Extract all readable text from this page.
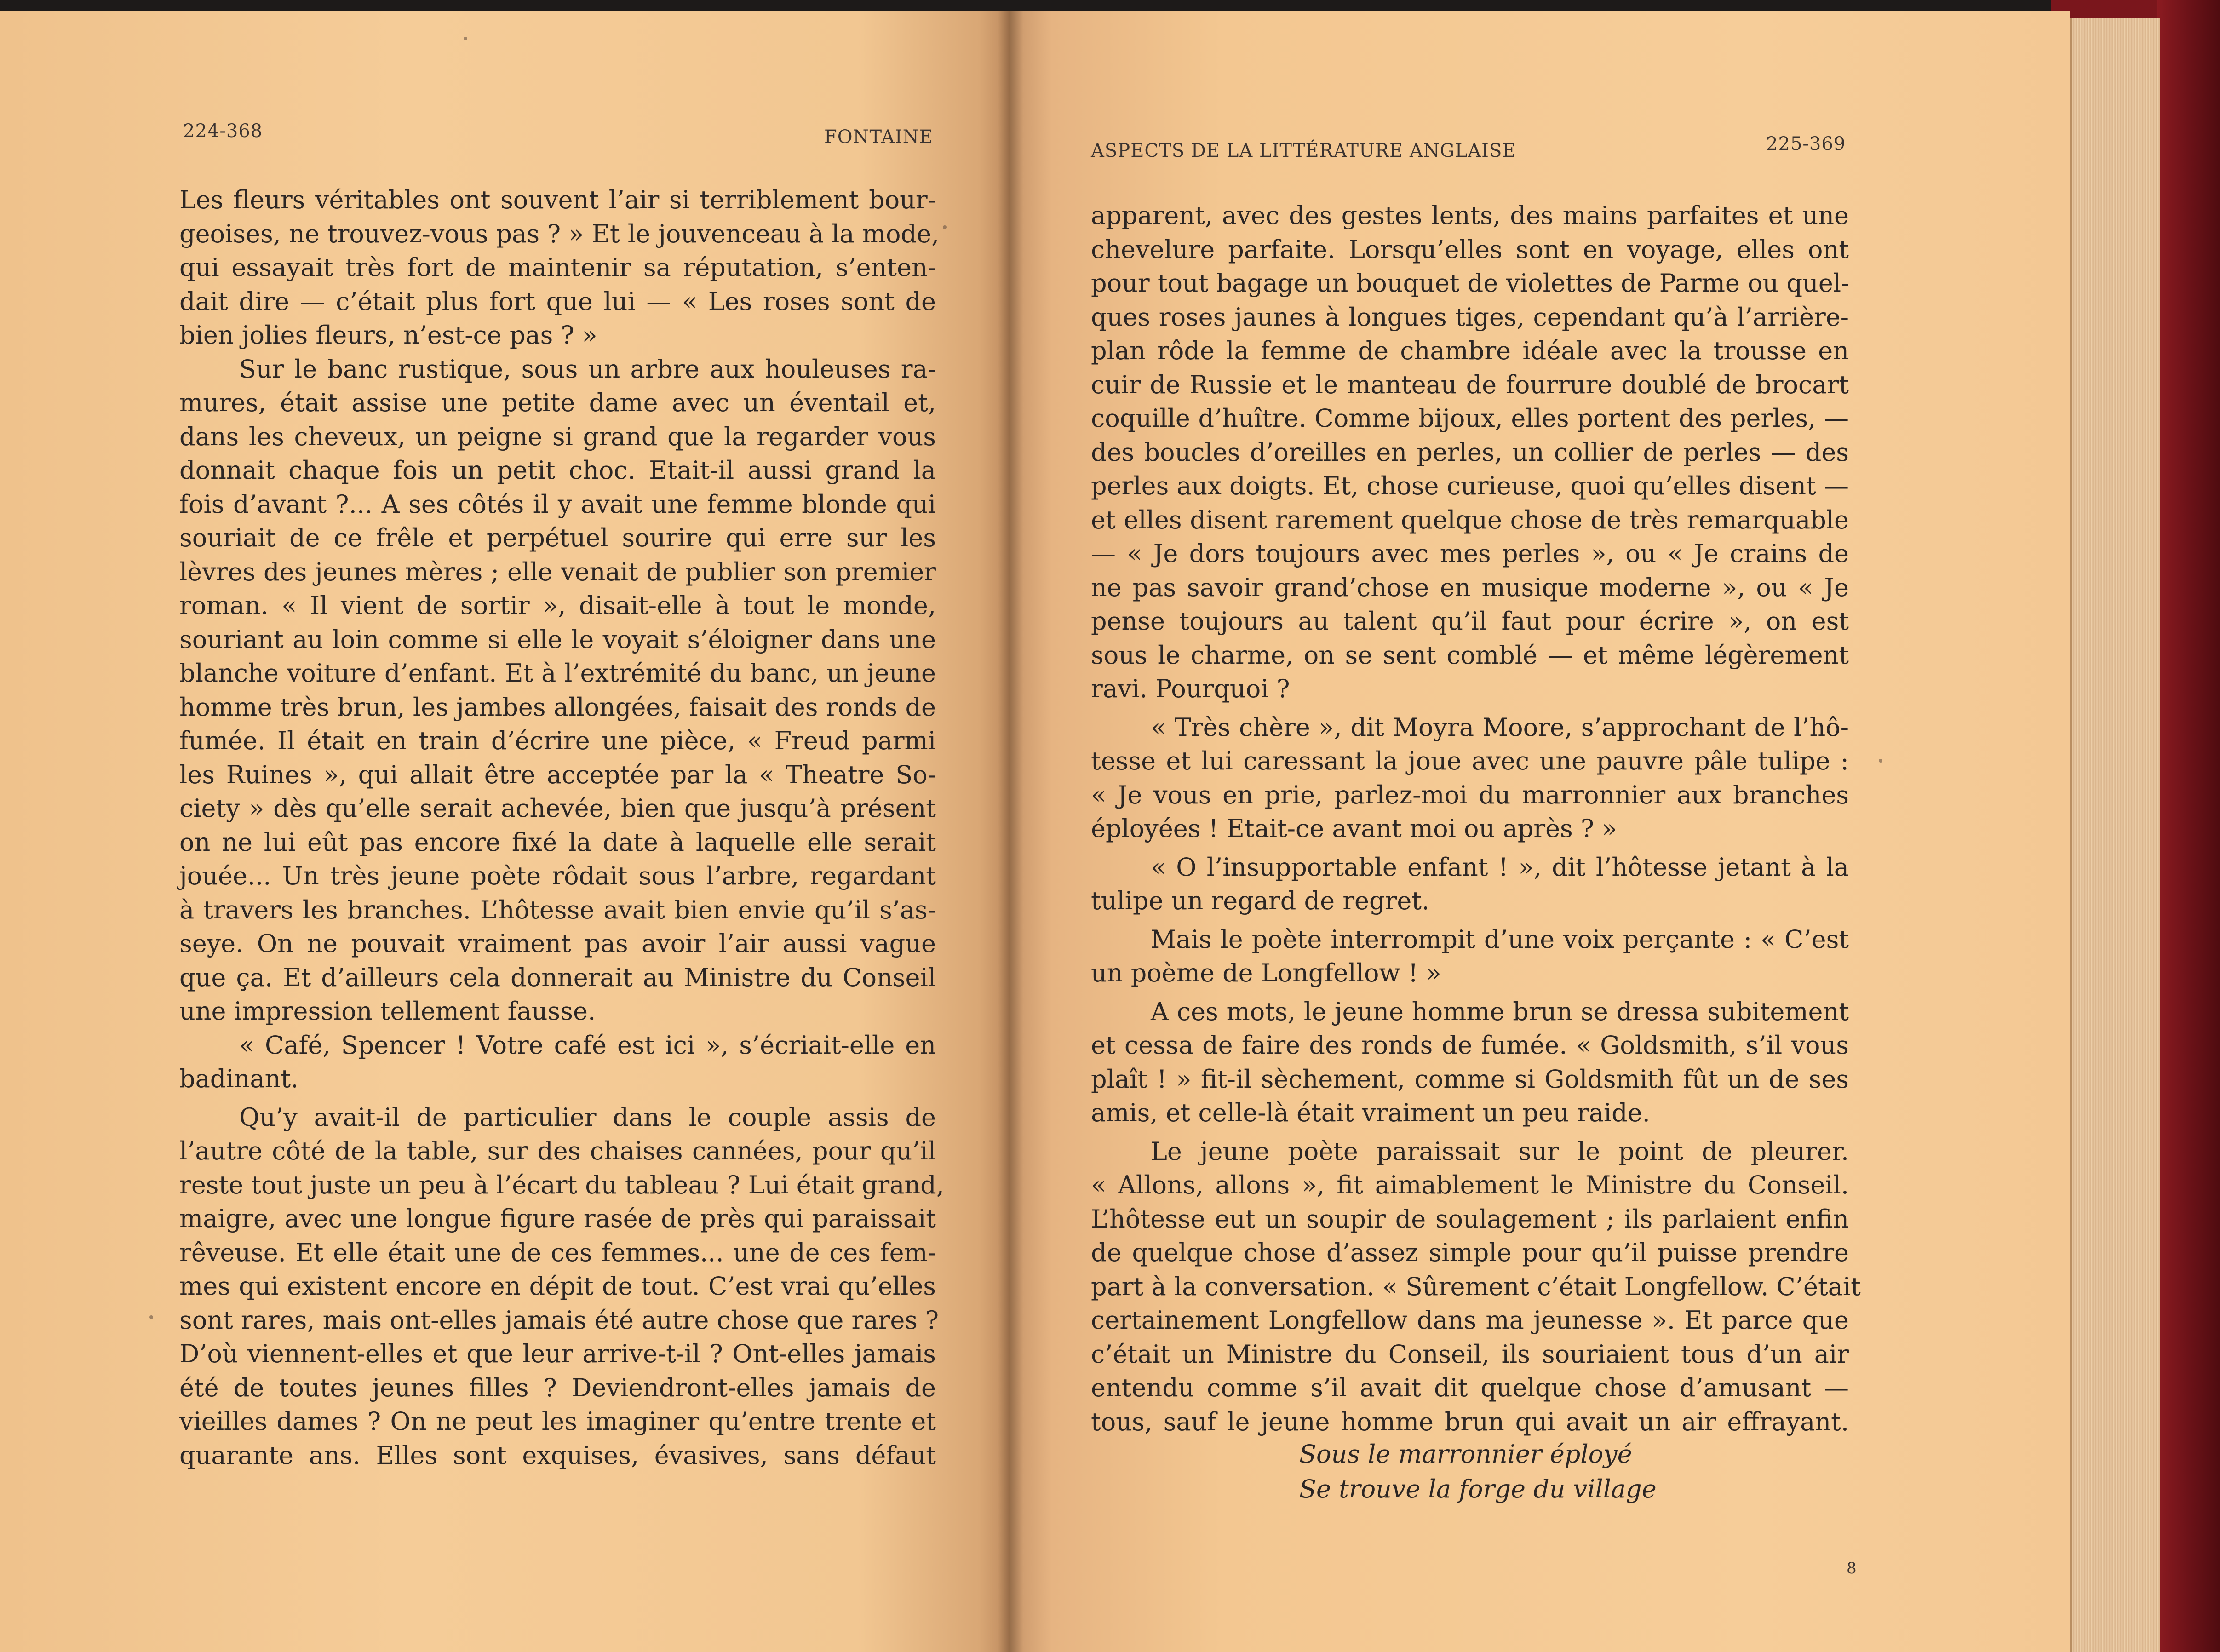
224-368	FONTAINE
Les fleurs véritables ont souvent l’air si terriblement bour-
geoises, ne trouvez-vous pas ? » Et le jouvenceau à la mode,
qui essayait très fort de maintenir sa réputation, s’enten-
dait dire — c’était plus fort que lui — « Les roses sont de
bien jolies fleurs, n’est-ce pas ? »
Sur le banc rustique, sous un arbre aux houleuses ra-
mures, était assise une petite dame avec un éventail et,
dans les cheveux, un peigne si grand que la regarder vous
donnait chaque fois un petit choc. Etait-il aussi grand la
fois d’avant ?... A ses côtés il y avait une femme blonde qui
souriait de ce frêle et perpétuel sourire qui erre sur les
lèvres des jeunes mères ; elle venait de publier son premier
roman. « Il vient de sortir », disait-elle à tout le monde,
souriant au loin comme si elle le voyait s’éloigner dans une
blanche voiture d’enfant. Et à l’extrémité du banc, un jeune
homme très brun, les jambes allongées, faisait des ronds de
fumée. Il était en train d’écrire une pièce, « Freud parmi
les Ruines », qui allait être acceptée par la « Theatre So-
ciety » dès qu’elle serait achevée, bien que jusqu’à présent
on ne lui eût pas encore fixé la date à laquelle elle serait
jouée... Un très jeune poète rôdait sous l’arbre, regardant
à travers les branches. L’hôtesse avait bien envie qu’il s’as-
seye. On ne pouvait vraiment pas avoir l’air aussi vague
que ça. Et d’ailleurs cela donnerait au Ministre du Conseil
une impression tellement fausse.
« Café, Spencer ! Votre café est ici », s’écriait-elle en
badinant.
Qu’y avait-il de particulier dans le couple assis de
l’autre côté de la table, sur des chaises cannées, pour qu’il
reste tout juste un peu à l’écart du tableau ? Lui était grand,
maigre, avec une longue figure rasée de près qui paraissait
rêveuse. Et elle était une de ces femmes... une de ces fem-
mes qui existent encore en dépit de tout. C’est vrai qu’elles
sont rares, mais ont-elles jamais été autre chose que rares ?
D’où viennent-elles et que leur arrive-t-il ? Ont-elles jamais
été de toutes jeunes filles ? Deviendront-elles jamais de
vieilles dames ? On ne peut les imaginer qu’entre trente et
quarante ans. Elles sont exquises, évasives, sans défaut
ASPECTS DE LA LITTÉRATURE ANGLAISE	225-369
apparent, avec des gestes lents, des mains parfaites et une
chevelure parfaite. Lorsqu’elles sont en voyage, elles ont
pour tout bagage un bouquet de violettes de Parme ou quel-
ques roses jaunes à longues tiges, cependant qu’à l’arrière-
plan rôde la femme de chambre idéale avec la trousse en
cuir de Russie et le manteau de fourrure doublé de brocart
coquille d’huître. Comme bijoux, elles portent des perles, —
des boucles d’oreilles en perles, un collier de perles — des
perles aux doigts. Et, chose curieuse, quoi qu’elles disent —
et elles disent rarement quelque chose de très remarquable
— « Je dors toujours avec mes perles », ou « Je crains de
ne pas savoir grand’chose en musique moderne », ou « Je
pense toujours au talent qu’il faut pour écrire », on est
sous le charme, on se sent comblé — et même légèrement
ravi. Pourquoi ?
« Très chère », dit Moyra Moore, s’approchant de l’hô-
tesse et lui caressant la joue avec une pauvre pâle tulipe :
« Je vous en prie, parlez-moi du marronnier aux branches
éployées ! Etait-ce avant moi ou après ? »
« O l’insupportable enfant ! », dit l’hôtesse jetant à la
tulipe un regard de regret.
Mais le poète interrompit d’une voix perçante : « C’est
un poème de Longfellow ! »
A ces mots, le jeune homme brun se dressa subitement
et cessa de faire des ronds de fumée. « Goldsmith, s’il vous
plaît ! » fit-il sèchement, comme si Goldsmith fût un de ses
amis, et celle-là était vraiment un peu raide.
Le jeune poète paraissait sur le point de pleurer.
« Allons, allons », fit aimablement le Ministre du Conseil.
L’hôtesse eut un soupir de soulagement ; ils parlaient enfin
de quelque chose d’assez simple pour qu’il puisse prendre
part à la conversation. « Sûrement c’était Longfellow. C’était
certainement Longfellow dans ma jeunesse ». Et parce que
c’était un Ministre du Conseil, ils souriaient tous d’un air
entendu comme s’il avait dit quelque chose d’amusant —
tous, sauf le jeune homme brun qui avait un air effrayant.
Sous le marronnier éployé
Se trouve la forge du village
8
